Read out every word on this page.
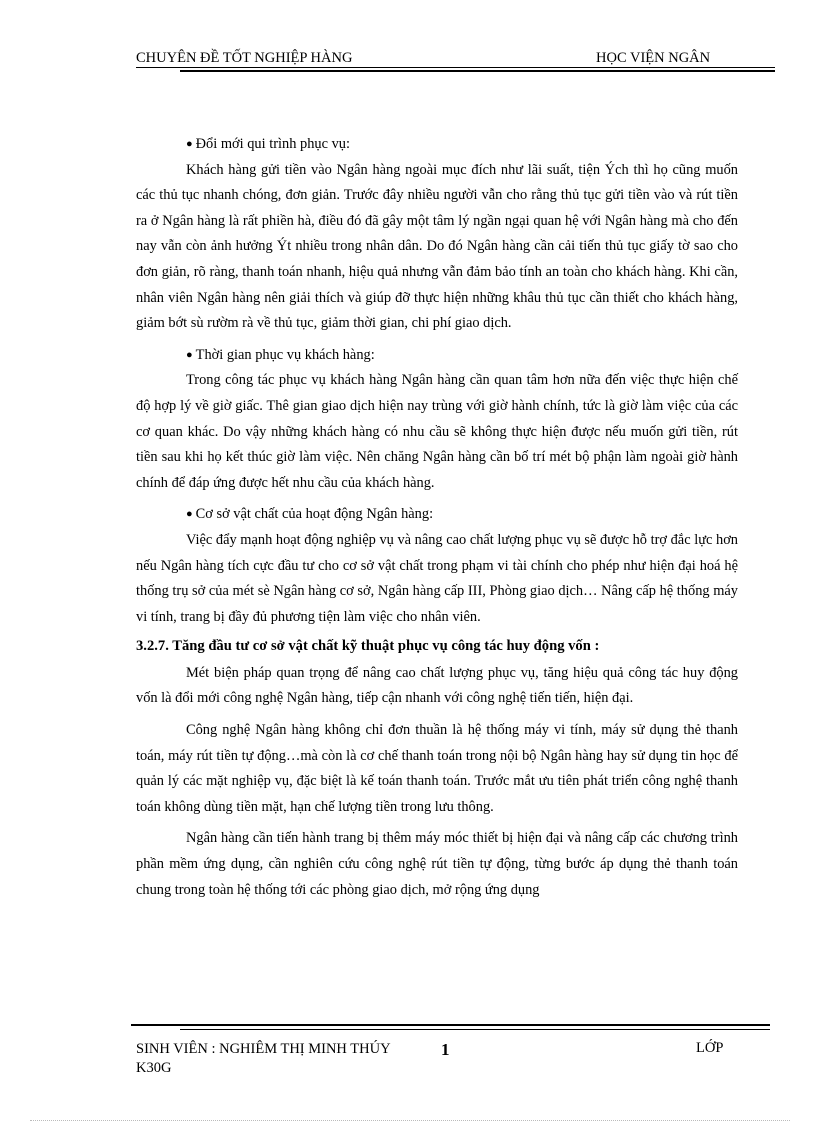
CHUYÊN ĐỀ TỐT NGHIỆP HÀNG	HỌC VIỆN NGÂN

● Đổi mới qui trình phục vụ:

Khách hàng gửi tiền vào Ngân hàng ngoài mục đích như lãi suất, tiện Ých thì họ cũng muốn các thủ tục nhanh chóng, đơn giản. Trước đây nhiều người vẫn cho rằng thủ tục gửi tiền vào và rút tiền ra ở Ngân hàng là rất phiền hà, điều đó đã gây một tâm lý ngần ngại quan hệ với Ngân hàng mà cho đến nay vẫn còn ảnh hưởng Ýt nhiều trong nhân dân. Do đó Ngân hàng cần cải tiến thủ tục giấy tờ sao cho đơn giản, rõ ràng, thanh toán nhanh, hiệu quả nhưng vẫn đảm bảo tính an toàn cho khách hàng. Khi cần, nhân viên Ngân hàng nên giải thích và giúp đỡ thực hiện những khâu thủ tục cần thiết cho khách hàng, giảm bớt sù rườm rà về thủ tục, giảm thời gian, chi phí giao dịch.

● Thời gian phục vụ khách hàng:

Trong công tác phục vụ khách hàng Ngân hàng cần quan tâm hơn nữa đến việc thực hiện chế độ hợp lý về giờ giấc. Thê gian giao dịch hiện nay trùng với giờ hành chính, tức là giờ làm việc của các cơ quan khác. Do vậy những khách hàng có nhu cầu sẽ không thực hiện được nếu muốn gửi tiền, rút tiền sau khi họ kết thúc giờ làm việc. Nên chăng Ngân hàng cần bố trí mét bộ phận làm ngoài giờ hành chính để đáp ứng được hết nhu cầu của khách hàng.

● Cơ sở vật chất của hoạt động Ngân hàng:

Việc đẩy mạnh hoạt động nghiệp vụ và nâng cao chất lượng phục vụ sẽ được hỗ trợ đắc lực hơn nếu Ngân hàng tích cực đầu tư cho cơ sở vật chất trong phạm vi tài chính cho phép như hiện đại hoá hệ thống trụ sở của mét sè Ngân hàng cơ sở, Ngân hàng cấp III, Phòng giao dịch… Nâng cấp hệ thống máy vi tính, trang bị đầy đủ phương tiện làm việc cho nhân viên.

3.2.7. Tăng đầu tư cơ sở vật chất kỹ thuật phục vụ công tác huy động vốn :

Mét biện pháp quan trọng để nâng cao chất lượng phục vụ, tăng hiệu quả công tác huy động vốn là đổi mới công nghệ Ngân hàng, tiếp cận nhanh với công nghệ tiến tiến, hiện đại.

Công nghệ Ngân hàng không chỉ đơn thuần là hệ thống máy vi tính, máy sử dụng thẻ thanh toán, máy rút tiền tự động…mà còn là cơ chế thanh toán trong nội bộ Ngân hàng hay sử dụng tin học để quản lý các mặt nghiệp vụ, đặc biệt là kế toán thanh toán. Trước mắt ưu tiên phát triển công nghệ thanh toán không dùng tiền mặt, hạn chế lượng tiền trong lưu thông.

Ngân hàng cần tiến hành trang bị thêm máy móc thiết bị hiện đại và nâng cấp các chương trình phần mềm ứng dụng, cần nghiên cứu công nghệ rút tiền tự động, từng bước áp dụng thẻ thanh toán chung trong toàn hệ thống tới các phòng giao dịch, mở rộng ứng dụng

SINH VIÊN : NGHIÊM THỊ MINH THÚY
K30G
1	LỚP
